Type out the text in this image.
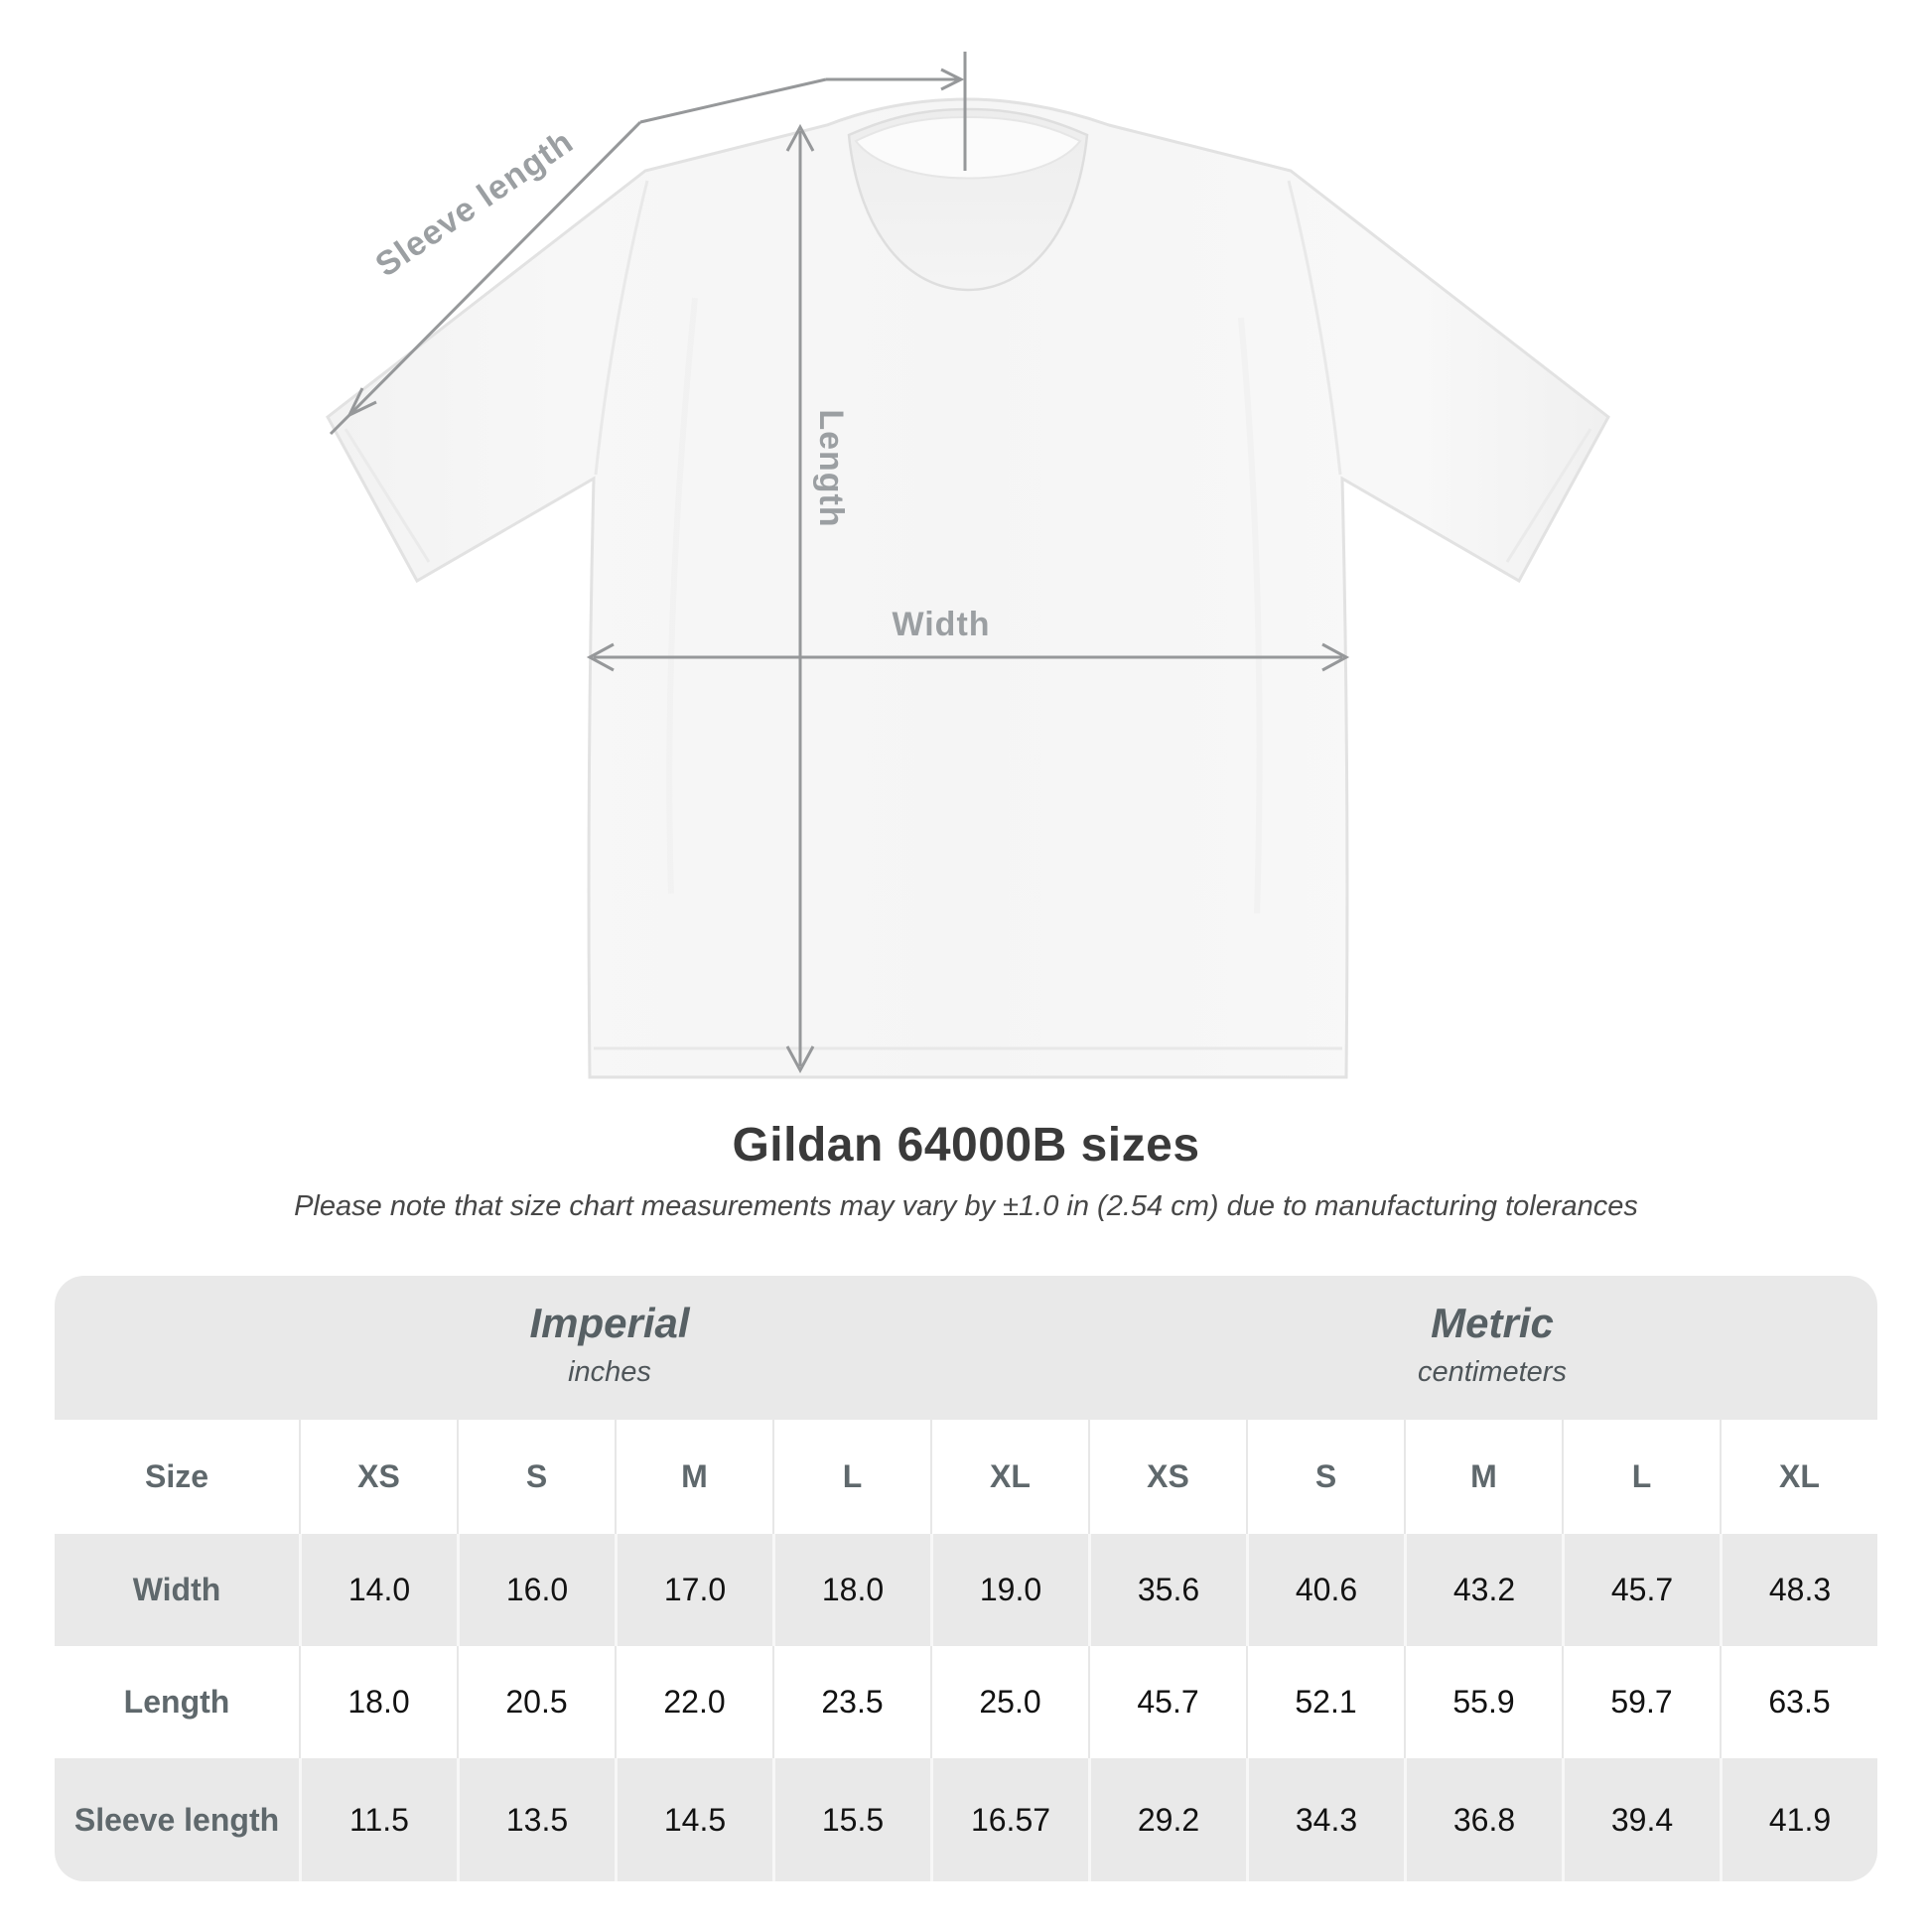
Sleeve length
Length
Width
Gildan 64000B sizes
Please note that size chart measurements may vary by ±1.0 in (2.54 cm) due to manufacturing tolerances
Imperial
inches
Metric
centimeters
Size	XS	S	M	L	XL	XS	S	M	L	XL
Width	14.0	16.0	17.0	18.0	19.0	35.6	40.6	43.2	45.7	48.3
Length	18.0	20.5	22.0	23.5	25.0	45.7	52.1	55.9	59.7	63.5
Sleeve length	11.5	13.5	14.5	15.5	16.57	29.2	34.3	36.8	39.4	41.9
